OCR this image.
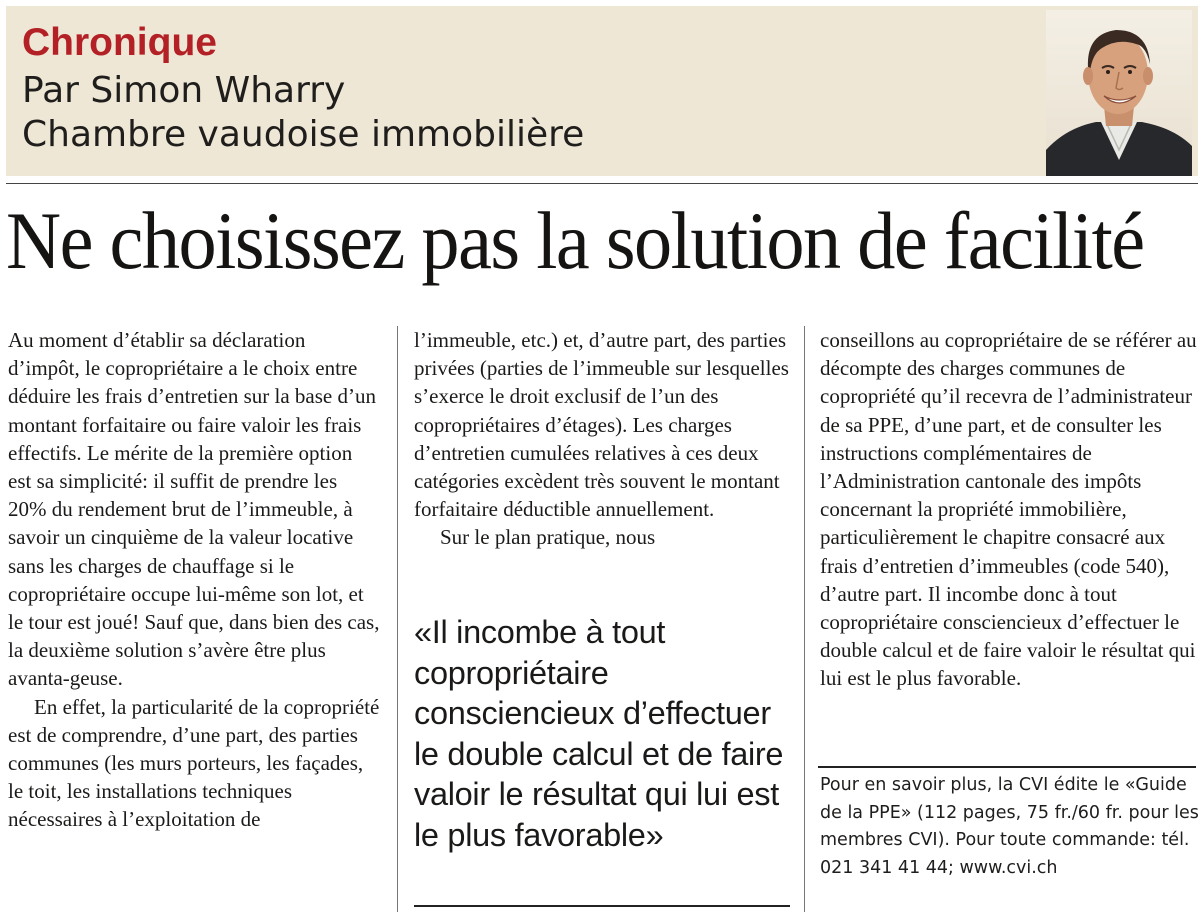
Chronique
Par Simon Wharry
Chambre vaudoise immobilière
Ne choisissez pas la solution de facilité

Au moment d’établir sa déclaration d’impôt, le copropriétaire a le choix entre déduire les frais d’entretien sur la base d’un montant forfaitaire ou faire valoir les frais effectifs. Le mérite de la première option est sa simplicité: il suffit de prendre les 20% du rendement brut de l’immeuble, à savoir un cinquième de la valeur locative sans les charges de chauffage si le copropriétaire occupe lui-même son lot, et le tour est joué! Sauf que, dans bien des cas, la deuxième solution s’avère être plus avanta-geuse.

En effet, la particularité de la copropriété est de comprendre, d’une part, des parties communes (les murs porteurs, les façades, le toit, les installations techniques nécessaires à l’exploitation de

l’immeuble, etc.) et, d’autre part, des parties privées (parties de l’immeuble sur lesquelles s’exerce le droit exclusif de l’un des copropriétaires d’étages). Les charges d’entretien cumulées relatives à ces deux catégories excèdent très souvent le montant forfaitaire déductible annuellement.

Sur le plan pratique, nous

«Il incombe à tout copropriétaire consciencieux d’effectuer le double calcul et de faire valoir le résultat qui lui est le plus favorable»

conseillons au copropriétaire de se référer au décompte des charges communes de copropriété qu’il recevra de l’administrateur de sa PPE, d’une part, et de consulter les instructions complémentaires de l’Administration cantonale des impôts concernant la propriété immobilière, particulièrement le chapitre consacré aux frais d’entretien d’immeubles (code 540), d’autre part. Il incombe donc à tout copropriétaire consciencieux d’effectuer le double calcul et de faire valoir le résultat qui lui est le plus favorable.

Pour en savoir plus, la CVI édite le «Guide de la PPE» (112 pages, 75 fr./60 fr. pour les membres CVI). Pour toute commande: tél. 021 341 41 44; www.cvi.ch
